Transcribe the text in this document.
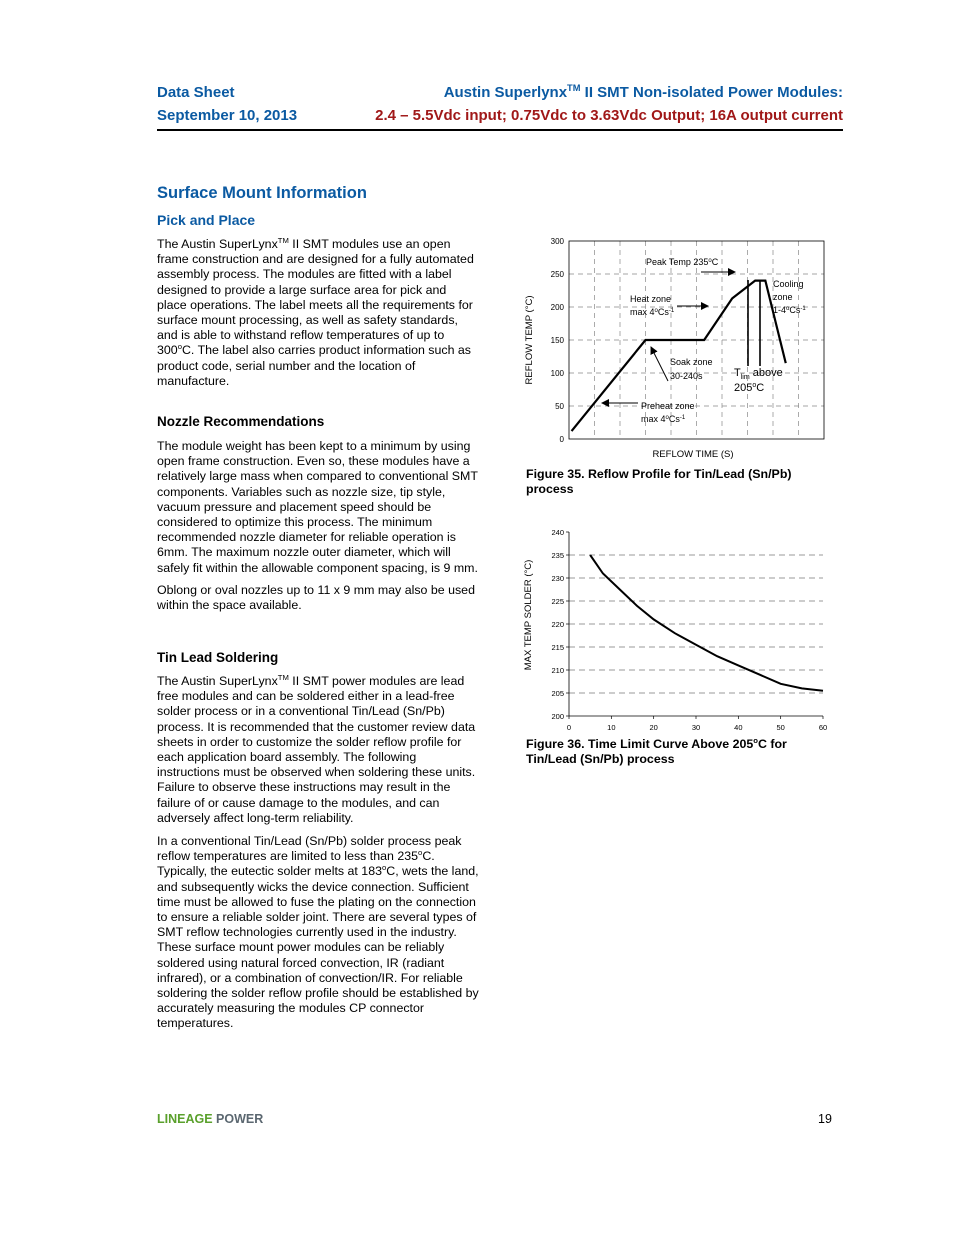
Data Sheet
September 10, 2013
Austin Superlynx™ II SMT Non-isolated Power Modules:
2.4 – 5.5Vdc input; 0.75Vdc to 3.63Vdc Output; 16A output current
Surface Mount Information
Pick and Place

The Austin SuperLynx™ II SMT modules use an open frame construction and are designed for a fully automated assembly process. The modules are fitted with a label designed to provide a large surface area for pick and place operations. The label meets all the requirements for surface mount processing, as well as safety standards, and is able to withstand reflow temperatures of up to 300$^o$C. The label also carries product information such as product code, serial number and the location of manufacture.

Nozzle Recommendations

The module weight has been kept to a minimum by using open frame construction. Even so, these modules have a relatively large mass when compared to conventional SMT components. Variables such as nozzle size, tip style, vacuum pressure and placement speed should be considered to optimize this process. The minimum recommended nozzle diameter for reliable operation is 6mm. The maximum nozzle outer diameter, which will safely fit within the allowable component spacing, is 9 mm.

Oblong or oval nozzles up to 11 x 9 mm may also be used within the space available.

Tin Lead Soldering

The Austin SuperLynx™ II SMT power modules are lead free modules and can be soldered either in a lead-free solder process or in a conventional Tin/Lead (Sn/Pb) process. It is recommended that the customer review data sheets in order to customize the solder reflow profile for each application board assembly. The following instructions must be observed when soldering these units. Failure to observe these instructions may result in the failure of or cause damage to the modules, and can adversely affect long-term reliability.

In a conventional Tin/Lead (Sn/Pb) solder process peak reflow temperatures are limited to less than 235$^o$C. Typically, the eutectic solder melts at 183$^o$C, wets the land, and subsequently wicks the device connection. Sufficient time must be allowed to fuse the plating on the connection to ensure a reliable solder joint. There are several types of SMT reflow technologies currently used in the industry. These surface mount power modules can be reliably soldered using natural forced convection, IR (radiant infrared), or a combination of convection/IR. For reliable soldering the solder reflow profile should be established by accurately measuring the modules CP connector temperatures.

0
50
100
150
200
250
300
REFLOW TIME (S)
REFLOW TEMP (°C)
Peak Temp 235$^o$C
Heat zone
$\max 4^oCs^{-1}$
Cooling
zone
$1-4^oCs^{-1}$
Soak zone
30-240s	$T_{lim}$ above
205$^o$C
Preheat zone
$\max 4^oCs^{-1}$
Figure 35. Reflow Profile for Tin/Lead (Sn/Pb) process
200
205
210
215
220
225
230
235
240
0	10	20	30	40	50	60
MAX TEMP SOLDER (°C)
Figure 36. Time Limit Curve Above 205$^o$C for Tin/Lead (Sn/Pb) process
LINEAGE POWER	19
